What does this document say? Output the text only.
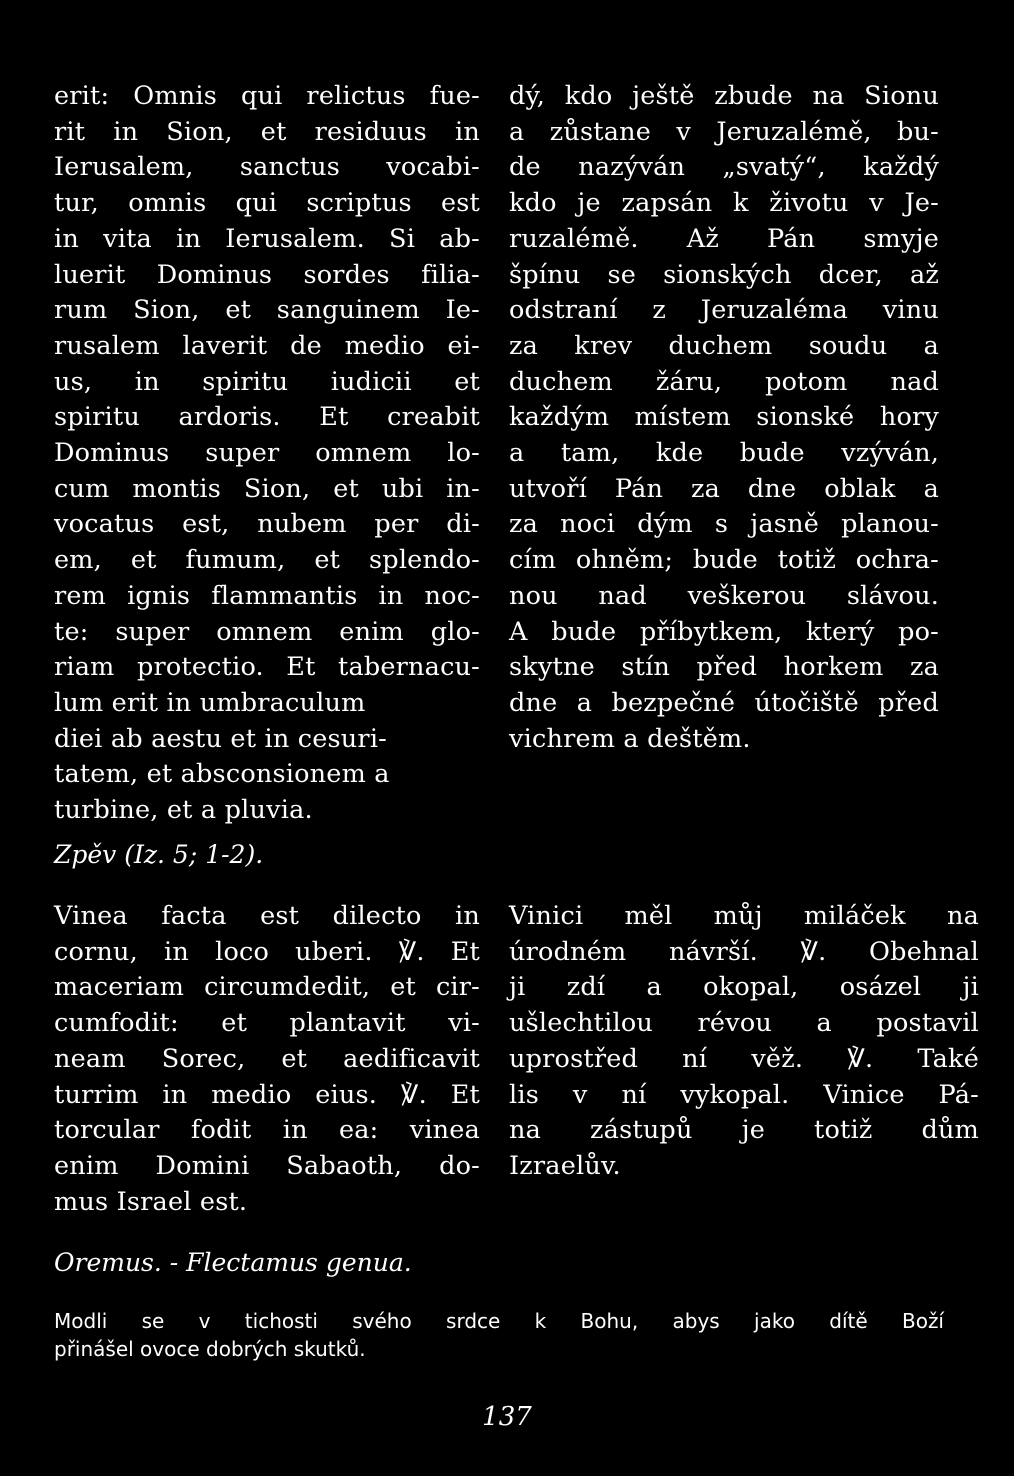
erit: Omnis qui relictus fue-
rit in Sion, et residuus in
Ierusalem, sanctus vocabi-
tur, omnis qui scriptus est
in vita in Ierusalem. Si ab-
luerit Dominus sordes filia-
rum Sion, et sanguinem Ie-
rusalem laverit de medio ei-
us, in spiritu iudicii et
spiritu ardoris. Et creabit
Dominus super omnem lo-
cum montis Sion, et ubi in-
vocatus est, nubem per di-
em, et fumum, et splendo-
rem ignis flammantis in noc-
te: super omnem enim glo-
riam protectio. Et tabernacu-
lum erit in umbraculum
diei ab aestu et in cesuri-
tatem, et absconsionem a
turbine, et a pluvia.
dý, kdo ještě zbude na Sionu
a zůstane v Jeruzalémě, bu-
de nazýván „svatý“, každý
kdo je zapsán k životu v Je-
ruzalémě. Až Pán smyje
špínu se sionských dcer, až
odstraní z Jeruzaléma vinu
za krev duchem soudu a
duchem žáru, potom nad
každým místem sionské hory
a tam, kde bude vzýván,
utvoří Pán za dne oblak a
za noci dým s jasně planou-
cím ohněm; bude totiž ochra-
nou nad veškerou slávou.
A bude příbytkem, který po-
skytne stín před horkem za
dne a bezpečné útočiště před
vichrem a deštěm.
Zpěv (Iz. 5; 1-2).
Vinea facta est dilecto in
cornu, in loco uberi. ℣. Et
maceriam circumdedit, et cir-
cumfodit: et plantavit vi-
neam Sorec, et aedificavit
turrim in medio eius. ℣. Et
torcular fodit in ea: vinea
enim Domini Sabaoth, do-
mus Israel est.
Vinici měl můj miláček na
úrodném návrší. ℣. Obehnal
ji zdí a okopal, osázel ji
ušlechtilou révou a postavil
uprostřed ní věž. ℣. Také
lis v ní vykopal. Vinice Pá-
na zástupů je totiž dům
Izraelův.
Oremus. - Flectamus genua.
Modli se v tichosti svého srdce k Bohu, abys jako dítě Boží
přinášel ovoce dobrých skutků.
137
